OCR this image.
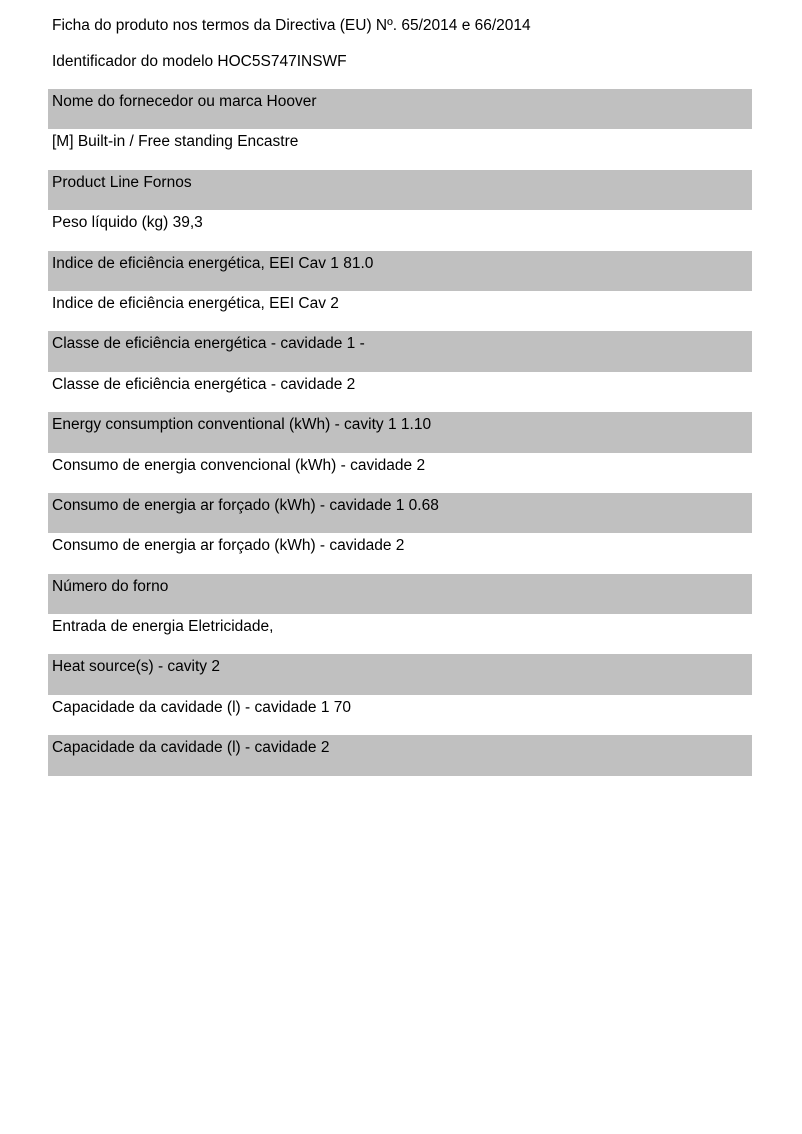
Ficha do produto nos termos da Directiva (EU) Nº. 65/2014 e 66/2014
Identificador do modelo HOC5S747INSWF
Nome do fornecedor ou marca Hoover
[M] Built-in / Free standing Encastre
Product Line Fornos
Peso líquido (kg) 39,3
Indice de eficiência energética, EEI Cav 1 81.0
Indice de eficiência energética, EEI Cav 2
Classe de eficiência energética - cavidade 1 -
Classe de eficiência energética - cavidade 2
Energy consumption conventional (kWh) - cavity 1 1.10
Consumo de energia convencional (kWh) - cavidade 2
Consumo de energia ar forçado (kWh) - cavidade 1 0.68
Consumo de energia ar forçado (kWh) - cavidade 2
Número do forno
Entrada de energia Eletricidade,
Heat source(s) - cavity 2
Capacidade da cavidade (l) - cavidade 1 70
Capacidade da cavidade (l) - cavidade 2
